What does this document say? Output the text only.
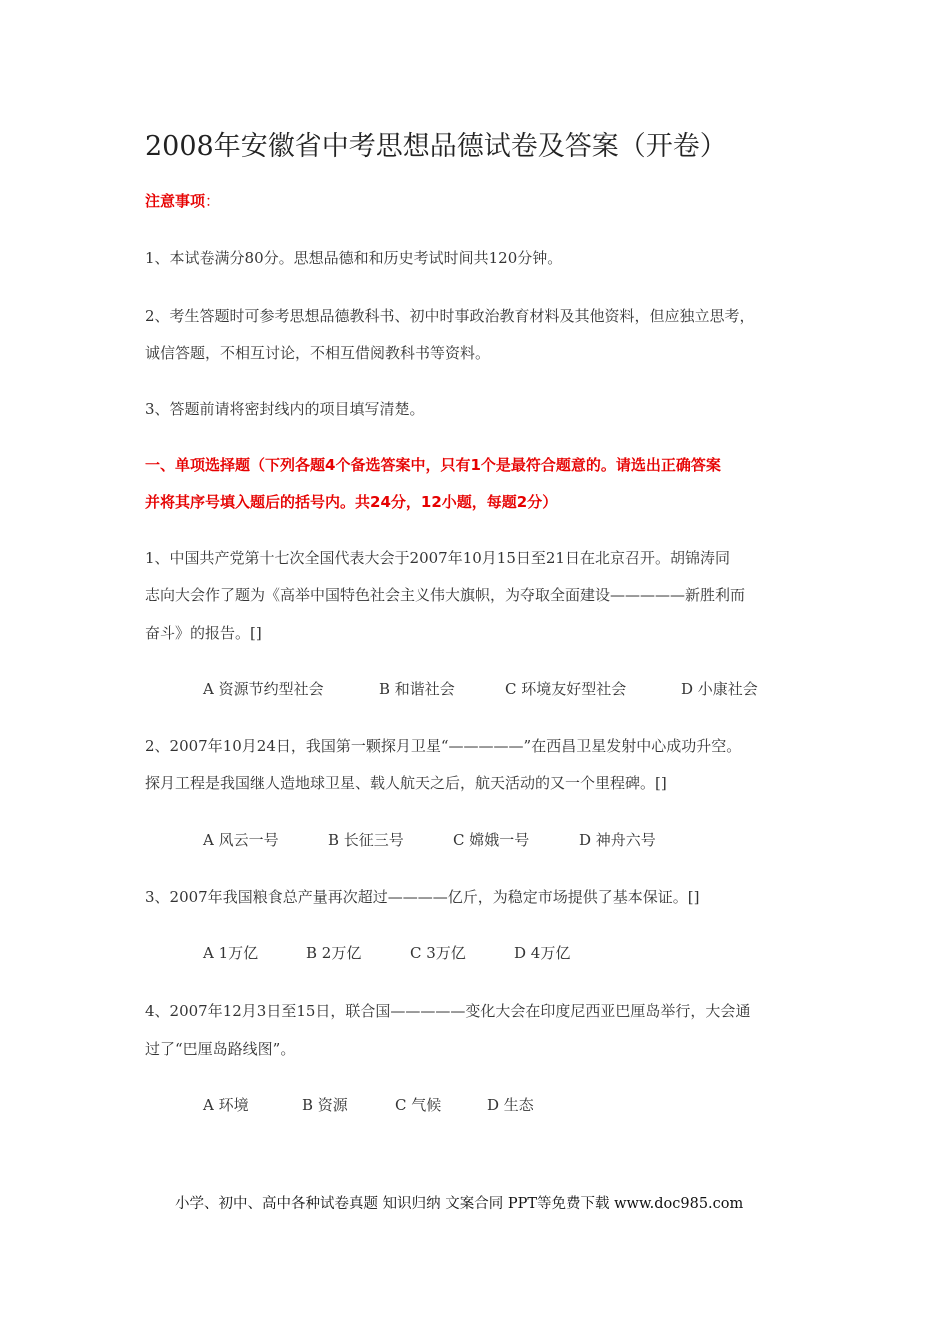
2008年安徽省中考思想品德试卷及答案（开卷）
注意事项：
1、本试卷满分80分。思想品德和和历史考试时间共120分钟。
2、考生答题时可参考思想品德教科书、初中时事政治教育材料及其他资料，但应独立思考，
诚信答题，不相互讨论，不相互借阅教科书等资料。
3、答题前请将密封线内的项目填写清楚。
一、单项选择题（下列各题4个备选答案中，只有1个是最符合题意的。请选出正确答案
并将其序号填入题后的括号内。共24分，12小题，每题2分）
1、中国共产党第十七次全国代表大会于2007年10月15日至21日在北京召开。胡锦涛同
志向大会作了题为《高举中国特色社会主义伟大旗帜，为夺取全面建设—————新胜利而
奋斗》的报告。[]
A 资源节约型社会	B 和谐社会	C 环境友好型社会	D 小康社会
2、2007年10月24日，我国第一颗探月卫星“—————”在西昌卫星发射中心成功升空。
探月工程是我国继人造地球卫星、载人航天之后，航天活动的又一个里程碑。[]
A 风云一号	B 长征三号	C 嫦娥一号	D 神舟六号
3、2007年我国粮食总产量再次超过————亿斤，为稳定市场提供了基本保证。[]
A 1万亿	B 2万亿	C 3万亿	D 4万亿
4、2007年12月3日至15日，联合国—————变化大会在印度尼西亚巴厘岛举行，大会通
过了“巴厘岛路线图”。
A 环境	B 资源	C 气候	D 生态
小学、初中、高中各种试卷真题 知识归纳 文案合同 PPT等免费下载 www.doc985.com
